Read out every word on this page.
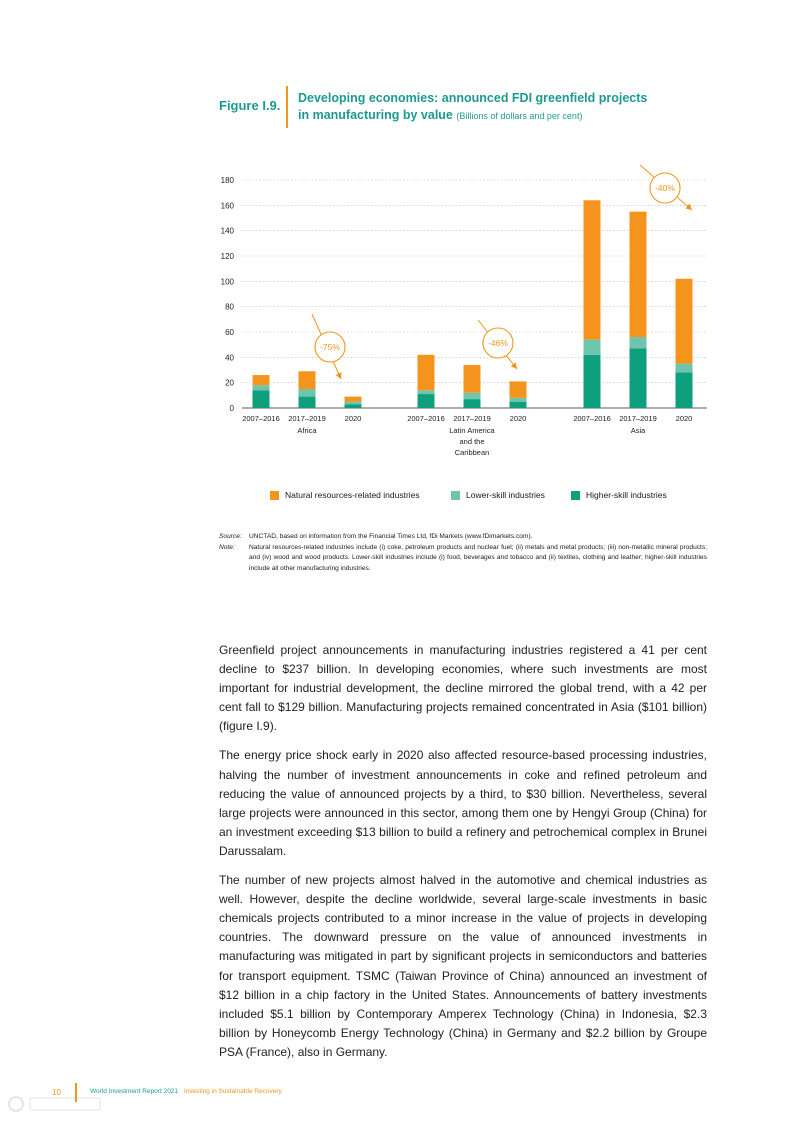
Figure I.9. Developing economies: announced FDI greenfield projects
in manufacturing by value (Billions of dollars and per cent)
180
160
140
120
100
80
60
40
20
0
2007–2016 2017–2019	2020
Africa
2007–2016 2017–2019	2020
Latin America
and the
Caribbean
2007–2016 2017–2019	2020
Asia
-75%	-46%
-40%
Natural resources-related industries	Lower-skill industries	Higher-skill industries
Source:	UNCTAD, based on information from the Financial Times Ltd, fDi Markets (www.fDimarkets.com).
Note:	Natural resources-related industries include (i) coke, petroleum products and nuclear fuel; (ii) metals and metal products; (iii) non-metallic mineral products; and (iv) wood and wood products. Lower-skill industries include (i) food, beverages and tobacco and (ii) textiles, clothing and leather; higher-skill industries include all other manufacturing industries.

Greenfield project announcements in manufacturing industries registered a 41 per cent decline to $237 billion. In developing economies, where such investments are most important for industrial development, the decline mirrored the global trend, with a 42 per cent fall to $129 billion. Manufacturing projects remained concentrated in Asia ($101 billion) (figure I.9).

The energy price shock early in 2020 also affected resource-based processing industries, halving the number of investment announcements in coke and refined petroleum and reducing the value of announced projects by a third, to $30 billion. Nevertheless, several large projects were announced in this sector, among them one by Hengyi Group (China) for an investment exceeding $13 billion to build a refinery and petrochemical complex in Brunei Darussalam.

The number of new projects almost halved in the automotive and chemical industries as well. However, despite the decline worldwide, several large-scale investments in basic chemicals projects contributed to a minor increase in the value of projects in developing countries. The downward pressure on the value of announced investments in manufacturing was mitigated in part by significant projects in semiconductors and batteries for transport equipment. TSMC (Taiwan Province of China) announced an investment of $12 billion in a chip factory in the United States. Announcements of battery investments included $5.1 billion by Contemporary Amperex Technology (China) in Indonesia, $2.3 billion by Honeycomb Energy Technology (China) in Germany and $2.2 billion by Groupe PSA (France), also in Germany.

10	World Investment Report 2021 Investing in Sustainable Recovery
